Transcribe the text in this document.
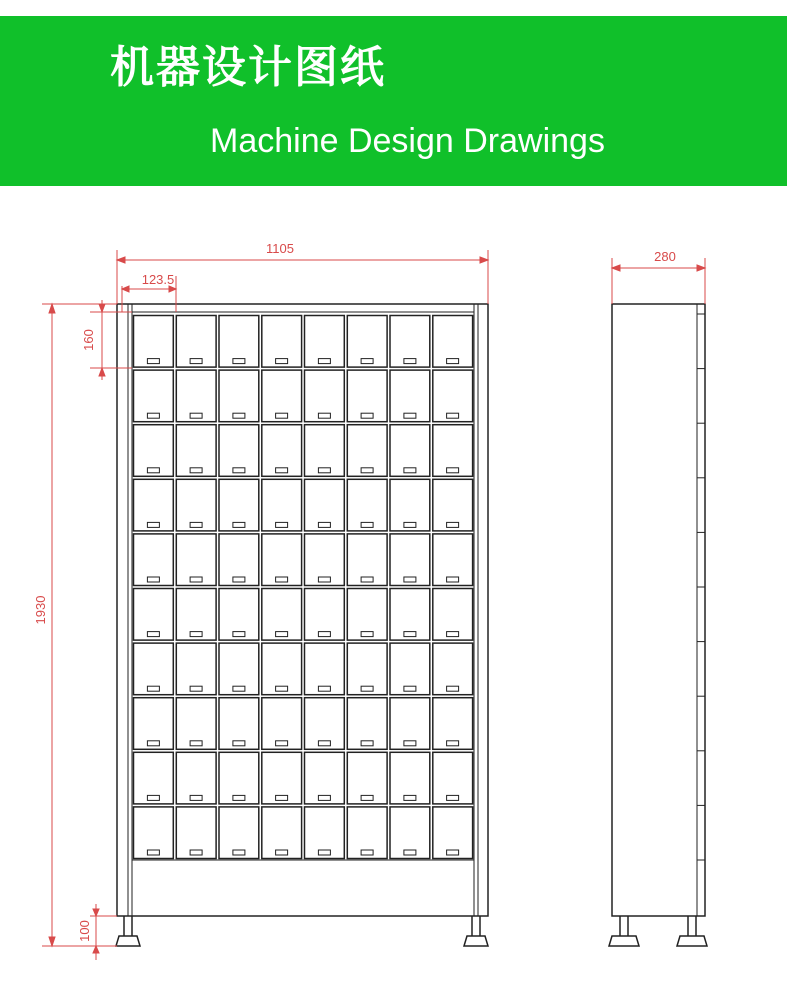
机器设计图纸
Machine Design Drawings
1105
123.5
160
1930
100
280
